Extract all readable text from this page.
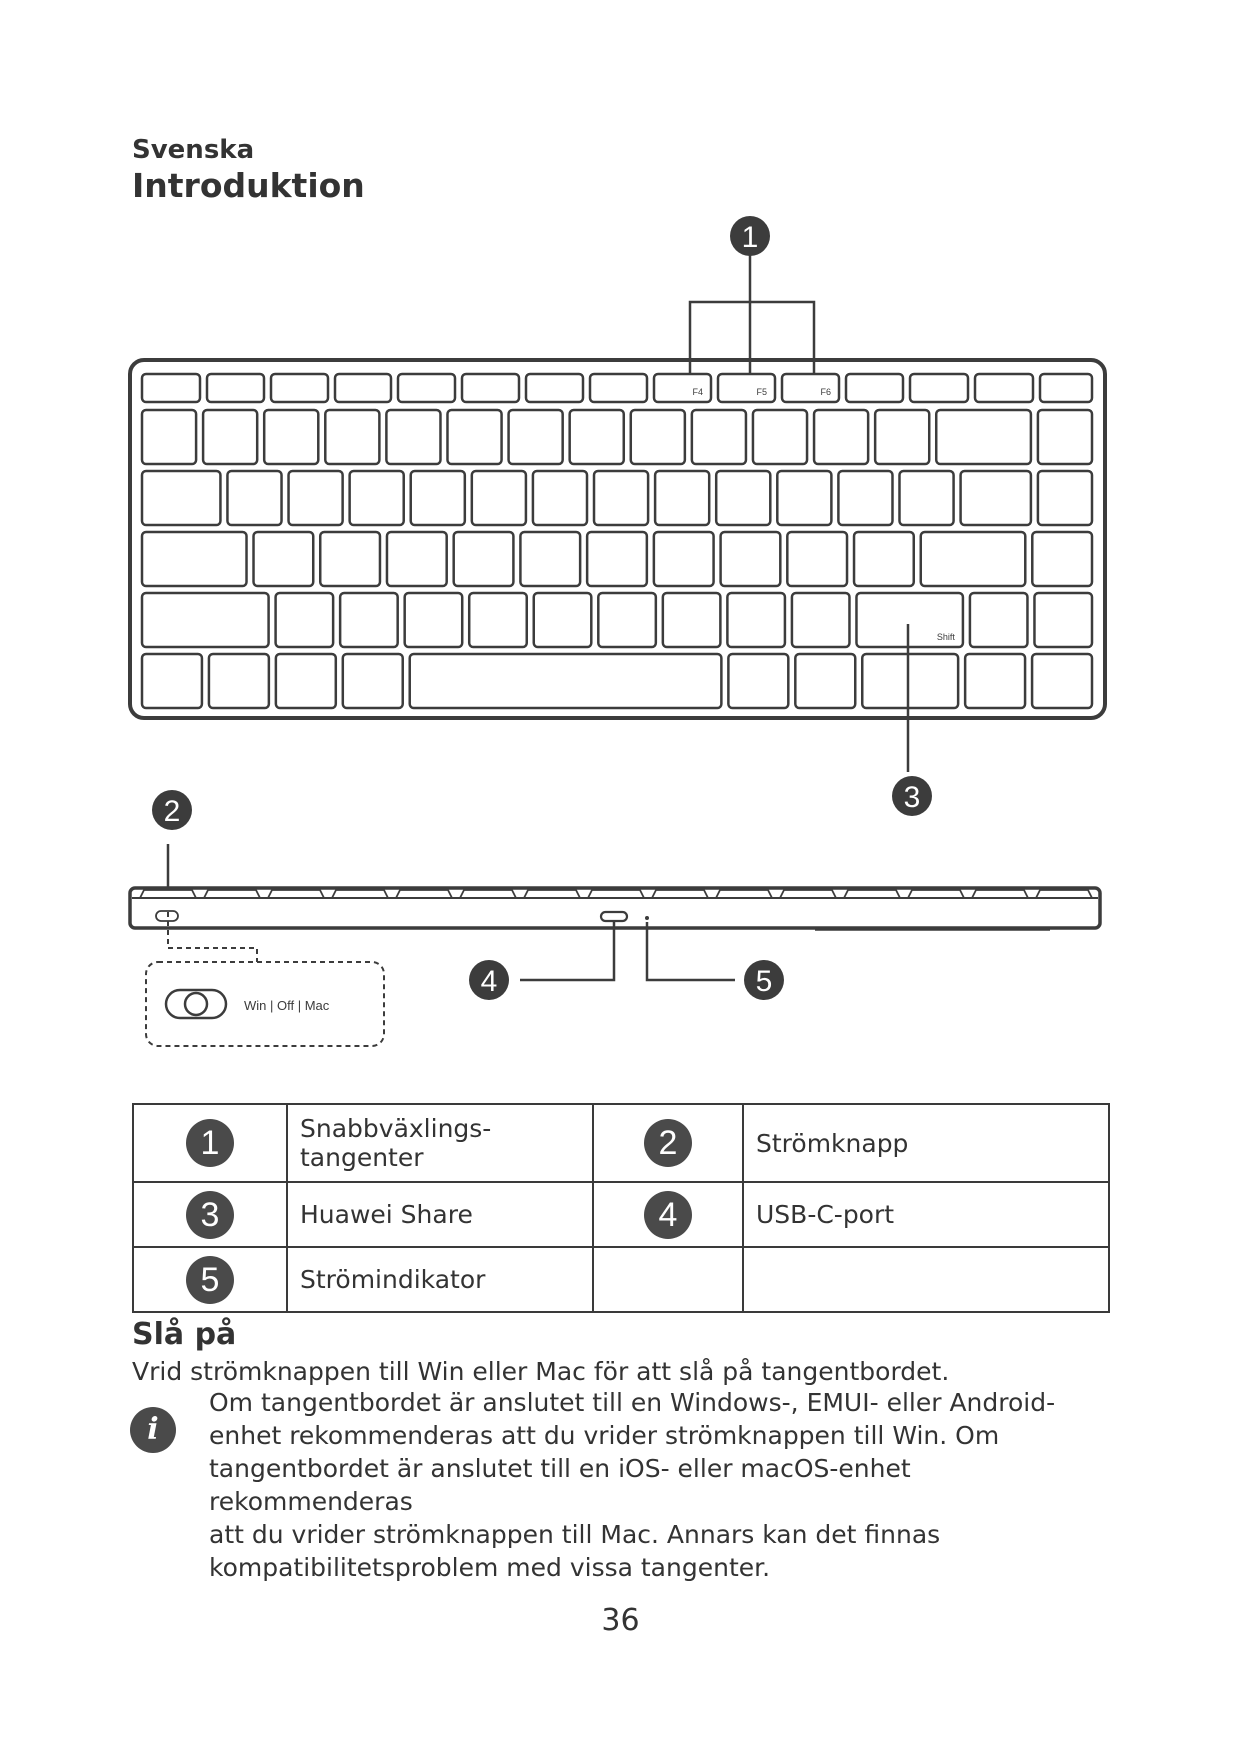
Svenska
Introduktion
F4	F5	F6
Shift
1
3
2
4	5
Win | Off | Mac
1	Snabbväxlings-
tangenter	2	Strömknapp
3	Huawei Share	4	USB-C-port
5	Strömindikator		
Slå på
Vrid strömknappen till Win eller Mac för att slå på tangentbordet.
i
Om tangentbordet är anslutet till en Windows-, EMUI- eller Android-
enhet rekommenderas att du vrider strömknappen till Win. Om
tangentbordet är anslutet till en iOS- eller macOS-enhet rekommenderas
att du vrider strömknappen till Mac. Annars kan det finnas
kompatibilitetsproblem med vissa tangenter.
36
